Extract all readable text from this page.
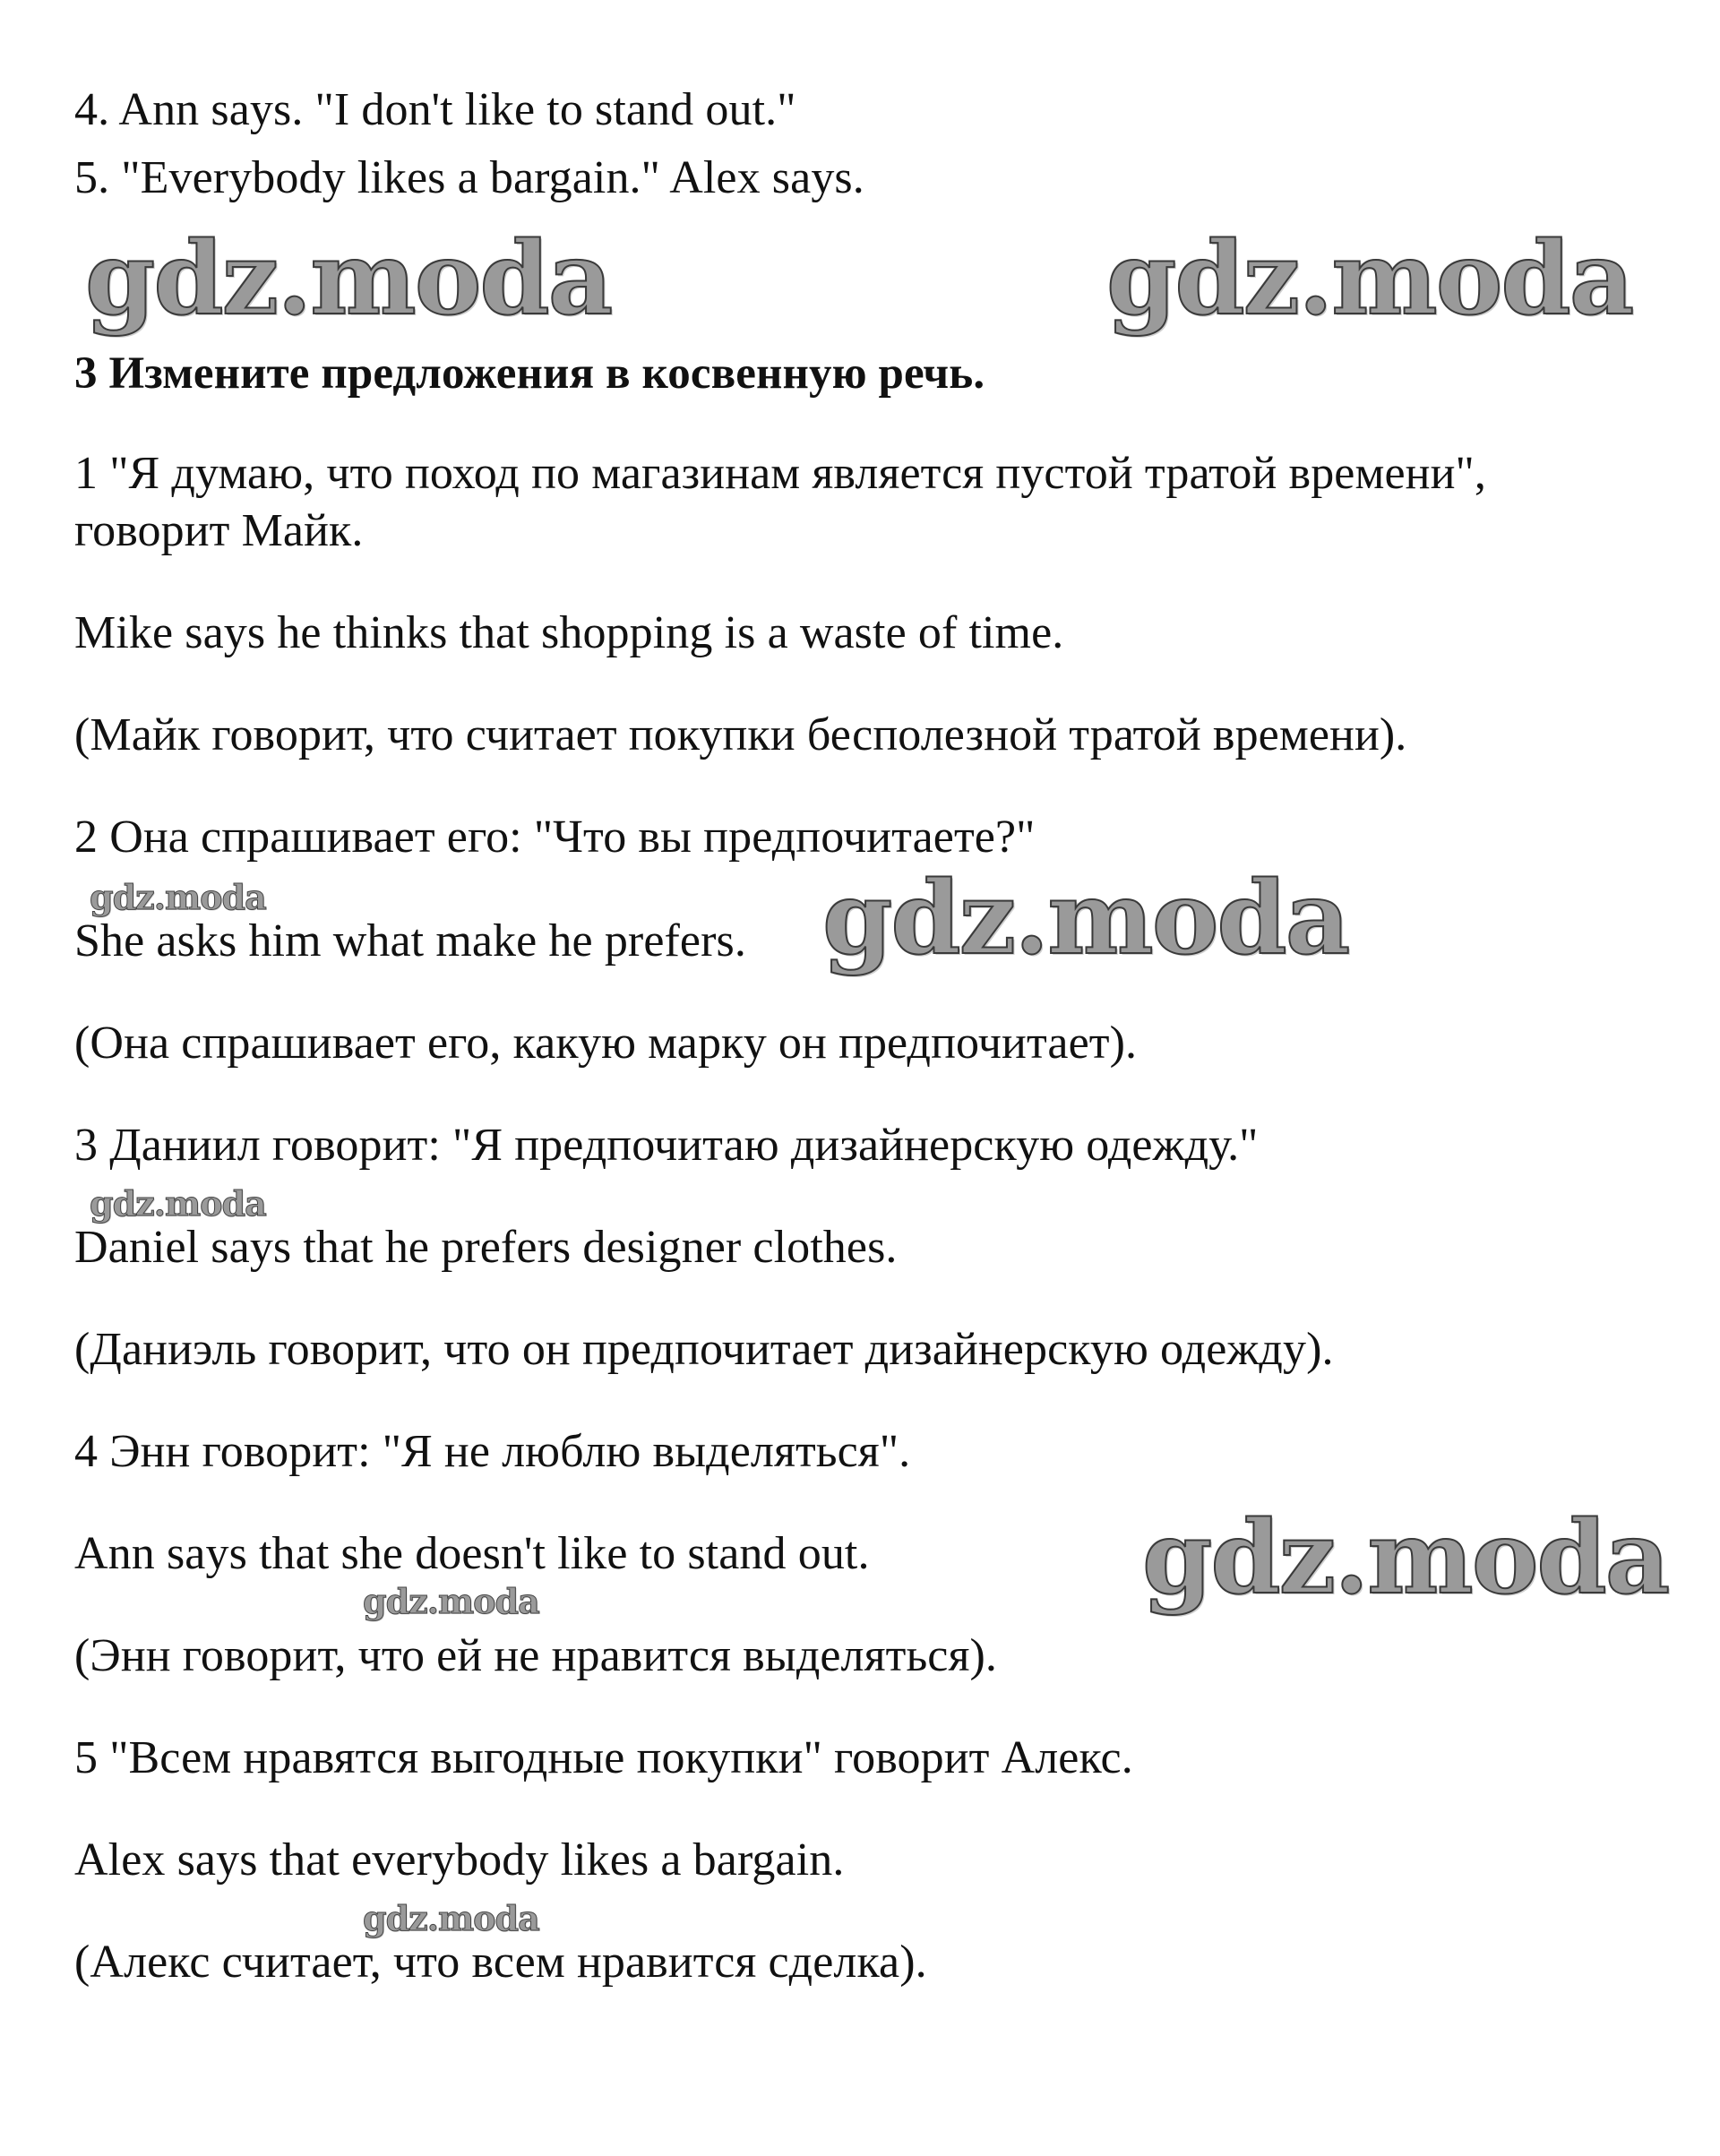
4. Ann says. "I don't like to stand out."
5. "Everybody likes a bargain." Alex says.
gdz.moda	gdz.moda
3 Измените предложения в косвенную речь.
1 "Я думаю, что поход по магазинам является пустой тратой времени",
говорит Майк.
Mike says he thinks that shopping is a waste of time.
(Майк говорит, что считает покупки бесполезной тратой времени).
2 Она спрашивает его: "Что вы предпочитаете?"
gdz.moda
She asks him what make he prefers. gdz.moda
(Она спрашивает его, какую марку он предпочитает).
3 Даниил говорит: "Я предпочитаю дизайнерскую одежду."
gdz.moda
Daniel says that he prefers designer clothes.
(Даниэль говорит, что он предпочитает дизайнерскую одежду).
4 Энн говорит: "Я не люблю выделяться".
Ann says that she doesn't like to stand out.	gdz.moda
gdz.moda
(Энн говорит, что ей не нравится выделяться).
5 "Всем нравятся выгодные покупки" говорит Алекс.
Alex says that everybody likes a bargain.
gdz.moda
(Алекс считает, что всем нравится сделка).
